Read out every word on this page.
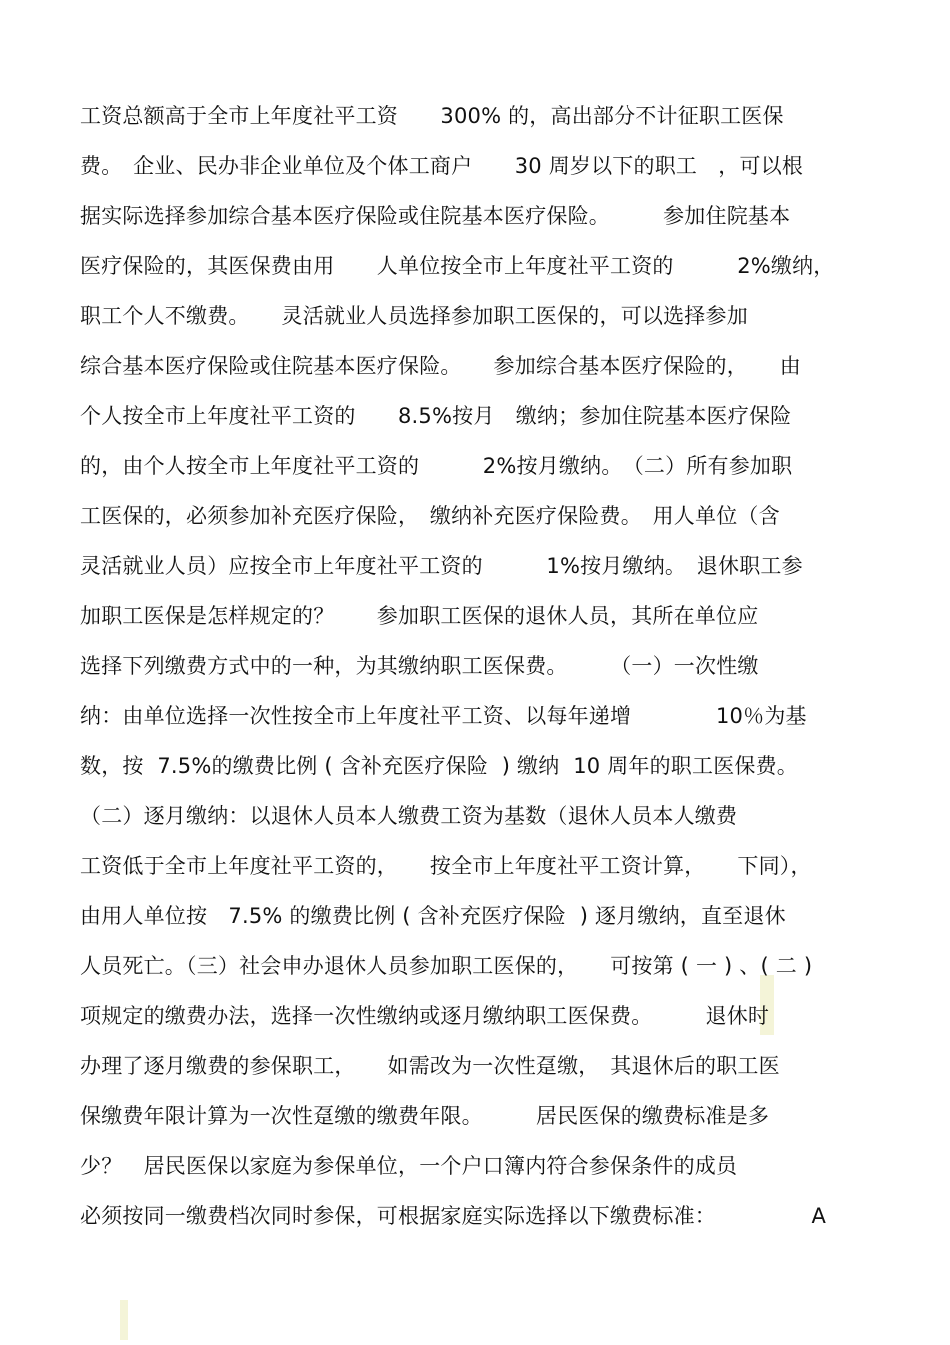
工资总额高于全市上年度社平工资　　300% 的，高出部分不计征职工医保
费。　企业、民办非企业单位及个体工商户　　30 周岁以下的职工　，可以根
据实际选择参加综合基本医疗保险或住院基本医疗保险。　　　参加住院基本
医疗保险的，其医保费由用　　人单位按全市上年度社平工资的　　　2%缴纳，
职工个人不缴费。　　灵活就业人员选择参加职工医保的，可以选择参加
综合基本医疗保险或住院基本医疗保险。　　参加综合基本医疗保险的，　　由
个人按全市上年度社平工资的　　8.5%按月　缴纳；参加住院基本医疗保险
的，由个人按全市上年度社平工资的　　　2%按月缴纳。　（二）所有参加职
工医保的，必须参加补充医疗保险，　缴纳补充医疗保险费。　用人单位（含
灵活就业人员）应按全市上年度社平工资的　　　1%按月缴纳。　退休职工参
加职工医保是怎样规定的？　　参加职工医保的退休人员，其所在单位应
选择下列缴费方式中的一种，为其缴纳职工医保费。　　　（一）一次性缴
纳：由单位选择一次性按全市上年度社平工资、以每年递增　　　　10％为基
数，按  7.5%的缴费比例 ( 含补充医疗保险  ) 缴纳  10 周年的职工医保费。
（二）逐月缴纳：以退休人员本人缴费工资为基数（退休人员本人缴费
工资低于全市上年度社平工资的，　　按全市上年度社平工资计算，　　下同），
由用人单位按　7.5% 的缴费比例 ( 含补充医疗保险  ) 逐月缴纳，直至退休
人员死亡。（三）社会申办退休人员参加职工医保的，　　可按第 ( 一 ) 、( 二 )
项规定的缴费办法，选择一次性缴纳或逐月缴纳职工医保费。　　　退休时
办理了逐月缴费的参保职工，　　如需改为一次性趸缴，　其退休后的职工医
保缴费年限计算为一次性趸缴的缴费年限。　　　居民医保的缴费标准是多
少？　居民医保以家庭为参保单位，一个户口簿内符合参保条件的成员
必须按同一缴费档次同时参保，可根据家庭实际选择以下缴费标准：　　　　　A
